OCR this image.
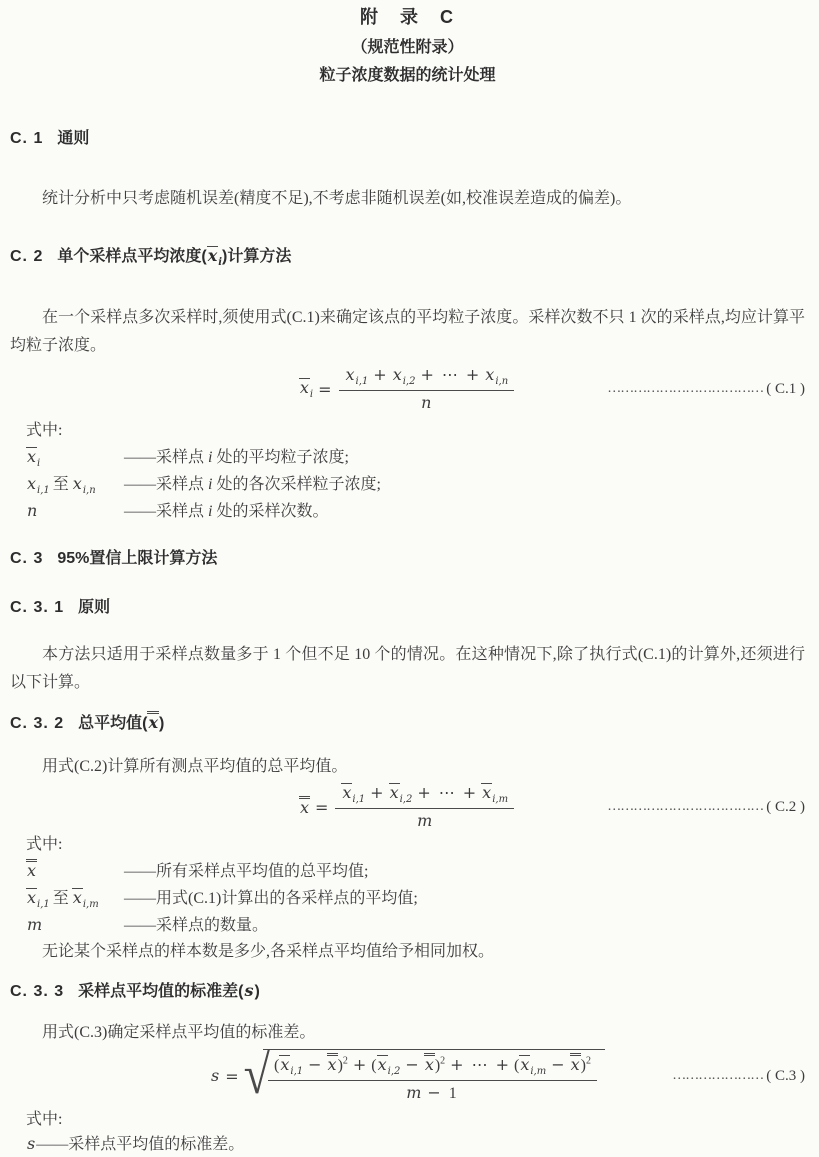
附　录　C
（规范性附录）
粒子浓度数据的统计处理
C. 1 通则
统计分析中只考虑随机误差(精度不足),不考虑非随机误差(如,校准误差造成的偏差)。
C. 2 单个采样点平均浓度$(x_i)$计算方法
在一个采样点多次采样时,须使用式(C.1)来确定该点的平均粒子浓度。采样次数不只 1 次的采样点,均应计算平均粒子浓度。
$x_i = \frac{x_{i,1} + x_{i,2} + \cdots + x_{i,n}}{n}$	……………………………… ( C.1 )
式中:
$x_i$	——采样点 i 处的平均粒子浓度;
$x_{i,1}$ 至 $x_{i,n}$	——采样点 i 处的各次采样粒子浓度;
n	——采样点 i 处的采样次数。
C. 3 95%置信上限计算方法
C. 3. 1 原则
本方法只适用于采样点数量多于 1 个但不足 10 个的情况。在这种情况下,除了执行式(C.1)的计算外,还须进行以下计算。
C. 3. 2 总平均值(x)
用式(C.2)计算所有测点平均值的总平均值。
$x = \frac{x_{i,1} + x_{i,2} + \cdots + x_{i,m}}{m}$	……………………………… ( C.2 )
式中:
x	——所有采样点平均值的总平均值;
$x_{i,1}$ 至 $x_{i,m}$	——用式(C.1)计算出的各采样点的平均值;
m	——采样点的数量。
无论某个采样点的样本数是多少,各采样点平均值给予相同加权。
C. 3. 3 采样点平均值的标准差(s)
用式(C.3)确定采样点平均值的标准差。
s = √
$\frac{(x_{i,1} - x)^2 + (x_{i,2} - x)^2 + \cdots + (x_{i,m} - x)^2}{m - 1}$	………………… ( C.3 )
式中:
s——采样点平均值的标准差。
